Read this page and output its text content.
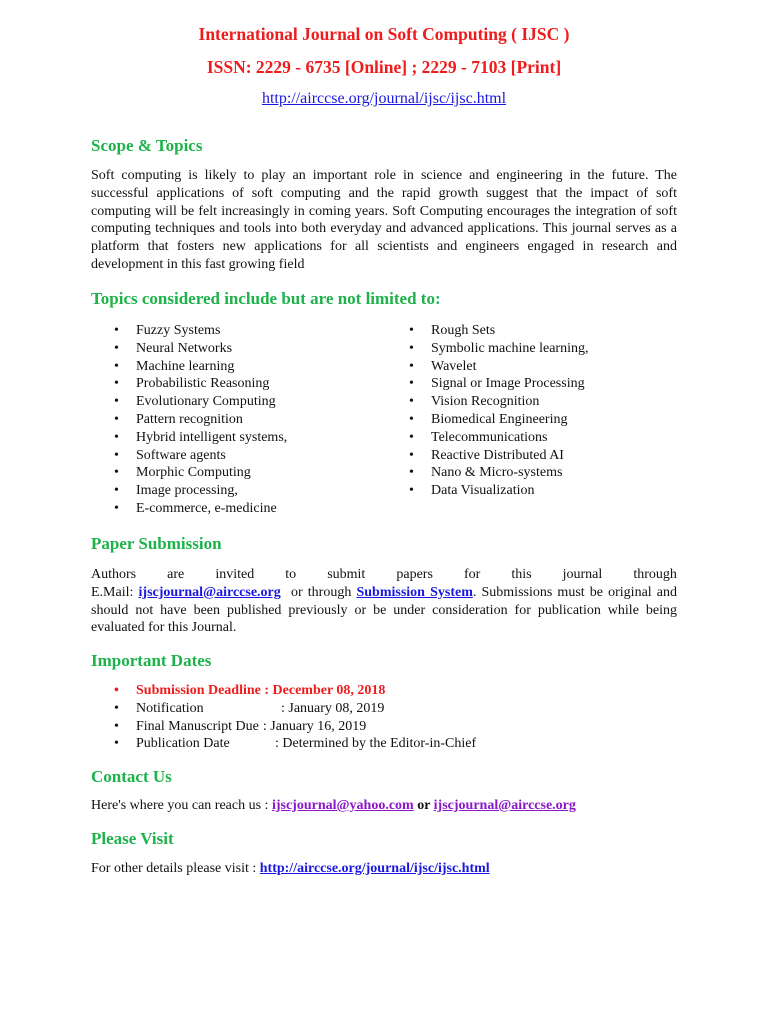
International Journal on Soft Computing ( IJSC )
ISSN: 2229 - 6735 [Online] ; 2229 - 7103 [Print]
http://airccse.org/journal/ijsc/ijsc.html
Scope & Topics
Soft computing is likely to play an important role in science and engineering in the future. The successful applications of soft computing and the rapid growth suggest that the impact of soft computing will be felt increasingly in coming years. Soft Computing encourages the integration of soft computing techniques and tools into both everyday and advanced applications. This journal serves as a platform that fosters new applications for all scientists and engineers engaged in research and development in this fast growing field
Topics considered include but are not limited to:
• Fuzzy Systems
• Neural Networks
• Machine learning
• Probabilistic Reasoning
• Evolutionary Computing
• Pattern recognition
• Hybrid intelligent systems,
• Software agents
• Morphic Computing
• Image processing,
• E-commerce, e-medicine
• Rough Sets
• Symbolic machine learning,
• Wavelet
• Signal or Image Processing
• Vision Recognition
• Biomedical Engineering
• Telecommunications
• Reactive Distributed AI
• Nano & Micro-systems
• Data Visualization
Paper Submission
Authors are invited to submit papers for this journal through
E.Mail: ijscjournal@airccse.org  or through Submission System. Submissions must be original and should not have been published previously or be under consideration for publication while being evaluated for this Journal.
Important Dates
• Submission Deadline : December 08, 2018
• Notification	: January 08, 2019
• Final Manuscript Due : January 16, 2019
• Publication Date	: Determined by the Editor-in-Chief
Contact Us
Here's where you can reach us : ijscjournal@yahoo.com or ijscjournal@airccse.org
Please Visit
For other details please visit : http://airccse.org/journal/ijsc/ijsc.html
